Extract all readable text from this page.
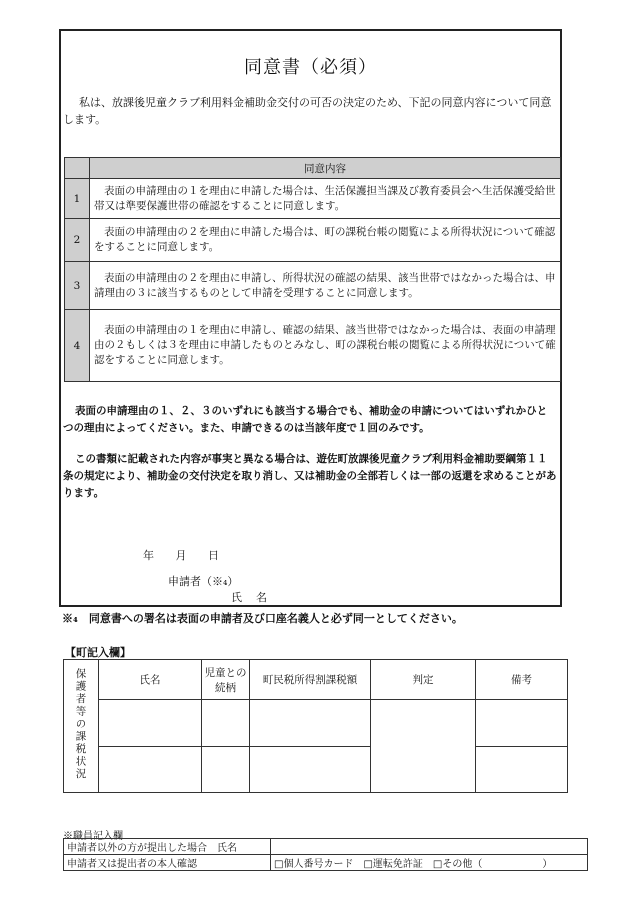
同意書（必須）
私は、放課後児童クラブ利用料金補助金交付の可否の決定のため、下記の同意内容について同意します。
	同意内容
1	表面の申請理由の１を理由に申請した場合は、生活保護担当課及び教育委員会へ生活保護受給世帯又は準要保護世帯の確認をすることに同意します。
2	表面の申請理由の２を理由に申請した場合は、町の課税台帳の閲覧による所得状況について確認をすることに同意します。
3	表面の申請理由の２を理由に申請し、所得状況の確認の結果、該当世帯ではなかった場合は、申請理由の３に該当するものとして申請を受理することに同意します。
4	表面の申請理由の１を理由に申請し、確認の結果、該当世帯ではなかった場合は、表面の申請理由の２もしくは３を理由に申請したものとみなし、町の課税台帳の閲覧による所得状況について確認をすることに同意します。
表面の申請理由の１、２、３のいずれにも該当する場合でも、補助金の申請についてはいずれかひとつの理由によってください。また、申請できるのは当該年度で１回のみです。
この書類に記載された内容が事実と異なる場合は、遊佐町放課後児童クラブ利用料金補助要綱第１１条の規定により、補助金の交付決定を取り消し、又は補助金の全部若しくは一部の返還を求めることがあります。
年 月 日
申請者（※₄）
氏名
※₄　同意書への署名は表面の申請者及び口座名義人と必ず同一としてください。
【町記入欄】
保護者等の課税状況	氏名	児童との続柄	町民税所得割課税額	判定	備考

※職員記入欄
申請者以外の方が提出した場合　氏名	
申請者又は提出者の本人確認	□個人番号カード　□運転免許証　□その他（　　　　　　）
